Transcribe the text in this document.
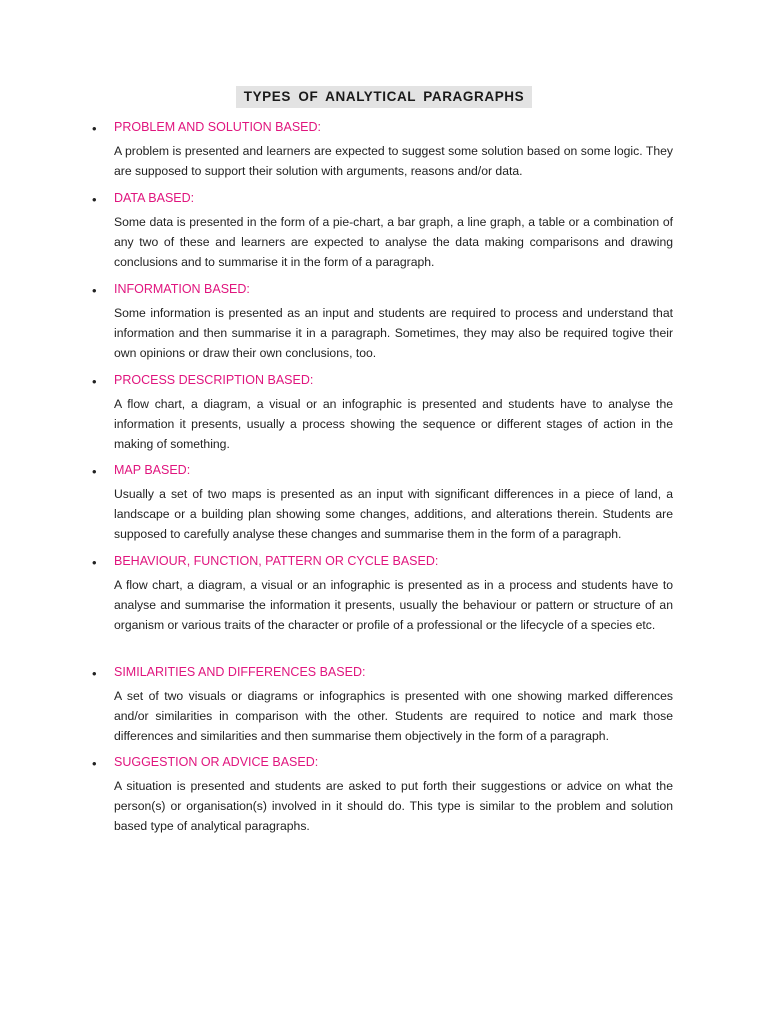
TYPES OF ANALYTICAL PARAGRAPHS
• PROBLEM AND SOLUTION BASED:

A problem is presented and learners are expected to suggest some solution based on some logic. They are supposed to support their solution with arguments, reasons and/or data.

• DATA BASED:

Some data is presented in the form of a pie-chart, a bar graph, a line graph, a table or a combination of any two of these and learners are expected to analyse the data making comparisons and drawing conclusions and to summarise it in the form of a paragraph.

• INFORMATION BASED:

Some information is presented as an input and students are required to process and understand that information and then summarise it in a paragraph. Sometimes, they may also be required togive their own opinions or draw their own conclusions, too.

• PROCESS DESCRIPTION BASED:

A flow chart, a diagram, a visual or an infographic is presented and students have to analyse the information it presents, usually a process showing the sequence or different stages of action in the making of something.

• MAP BASED:

Usually a set of two maps is presented as an input with significant differences in a piece of land, a landscape or a building plan showing some changes, additions, and alterations therein. Students are supposed to carefully analyse these changes and summarise them in the form of a paragraph.

• BEHAVIOUR, FUNCTION, PATTERN OR CYCLE BASED:

A flow chart, a diagram, a visual or an infographic is presented as in a process and students have to analyse and summarise the information it presents, usually the behaviour or pattern or structure of an organism or various traits of the character or profile of a professional or the lifecycle of a species etc.

• SIMILARITIES AND DIFFERENCES BASED:

A set of two visuals or diagrams or infographics is presented with one showing marked differences and/or similarities in comparison with the other. Students are required to notice and mark those differences and similarities and then summarise them objectively in the form of a paragraph.

• SUGGESTION OR ADVICE BASED:

A situation is presented and students are asked to put forth their suggestions or advice on what the person(s) or organisation(s) involved in it should do. This type is similar to the problem and solution based type of analytical paragraphs.
